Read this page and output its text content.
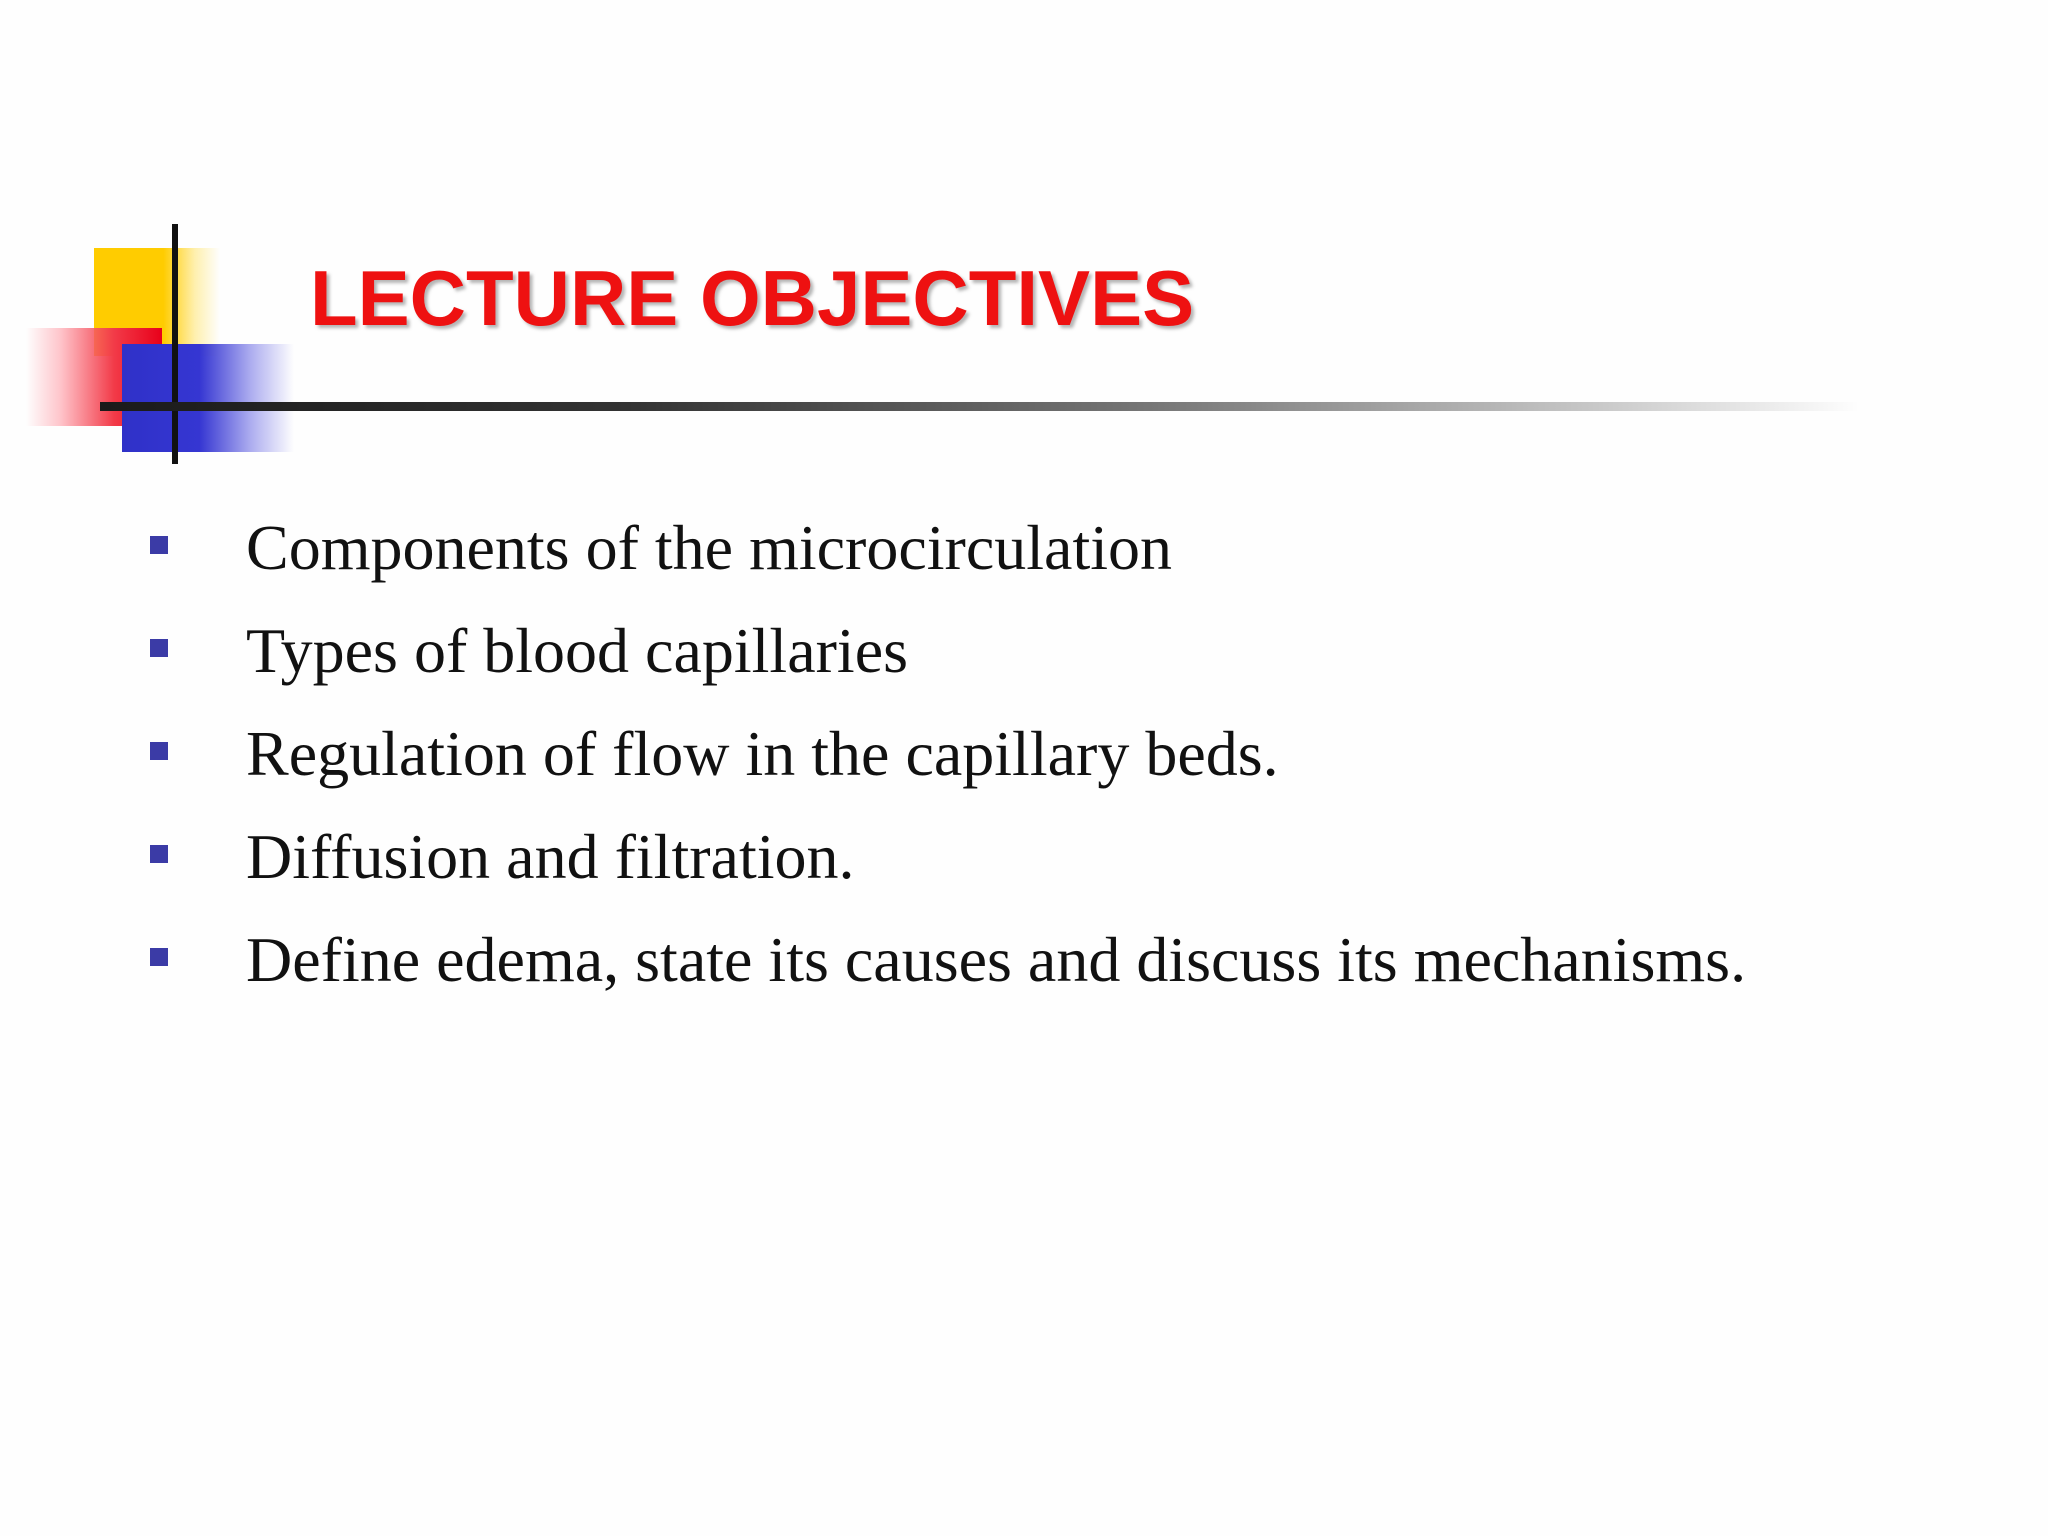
LECTURE OBJECTIVES
Components of the microcirculation
Types of blood capillaries
Regulation of flow in the capillary beds.
Diffusion and filtration.
Define edema, state its causes and discuss its mechanisms.
